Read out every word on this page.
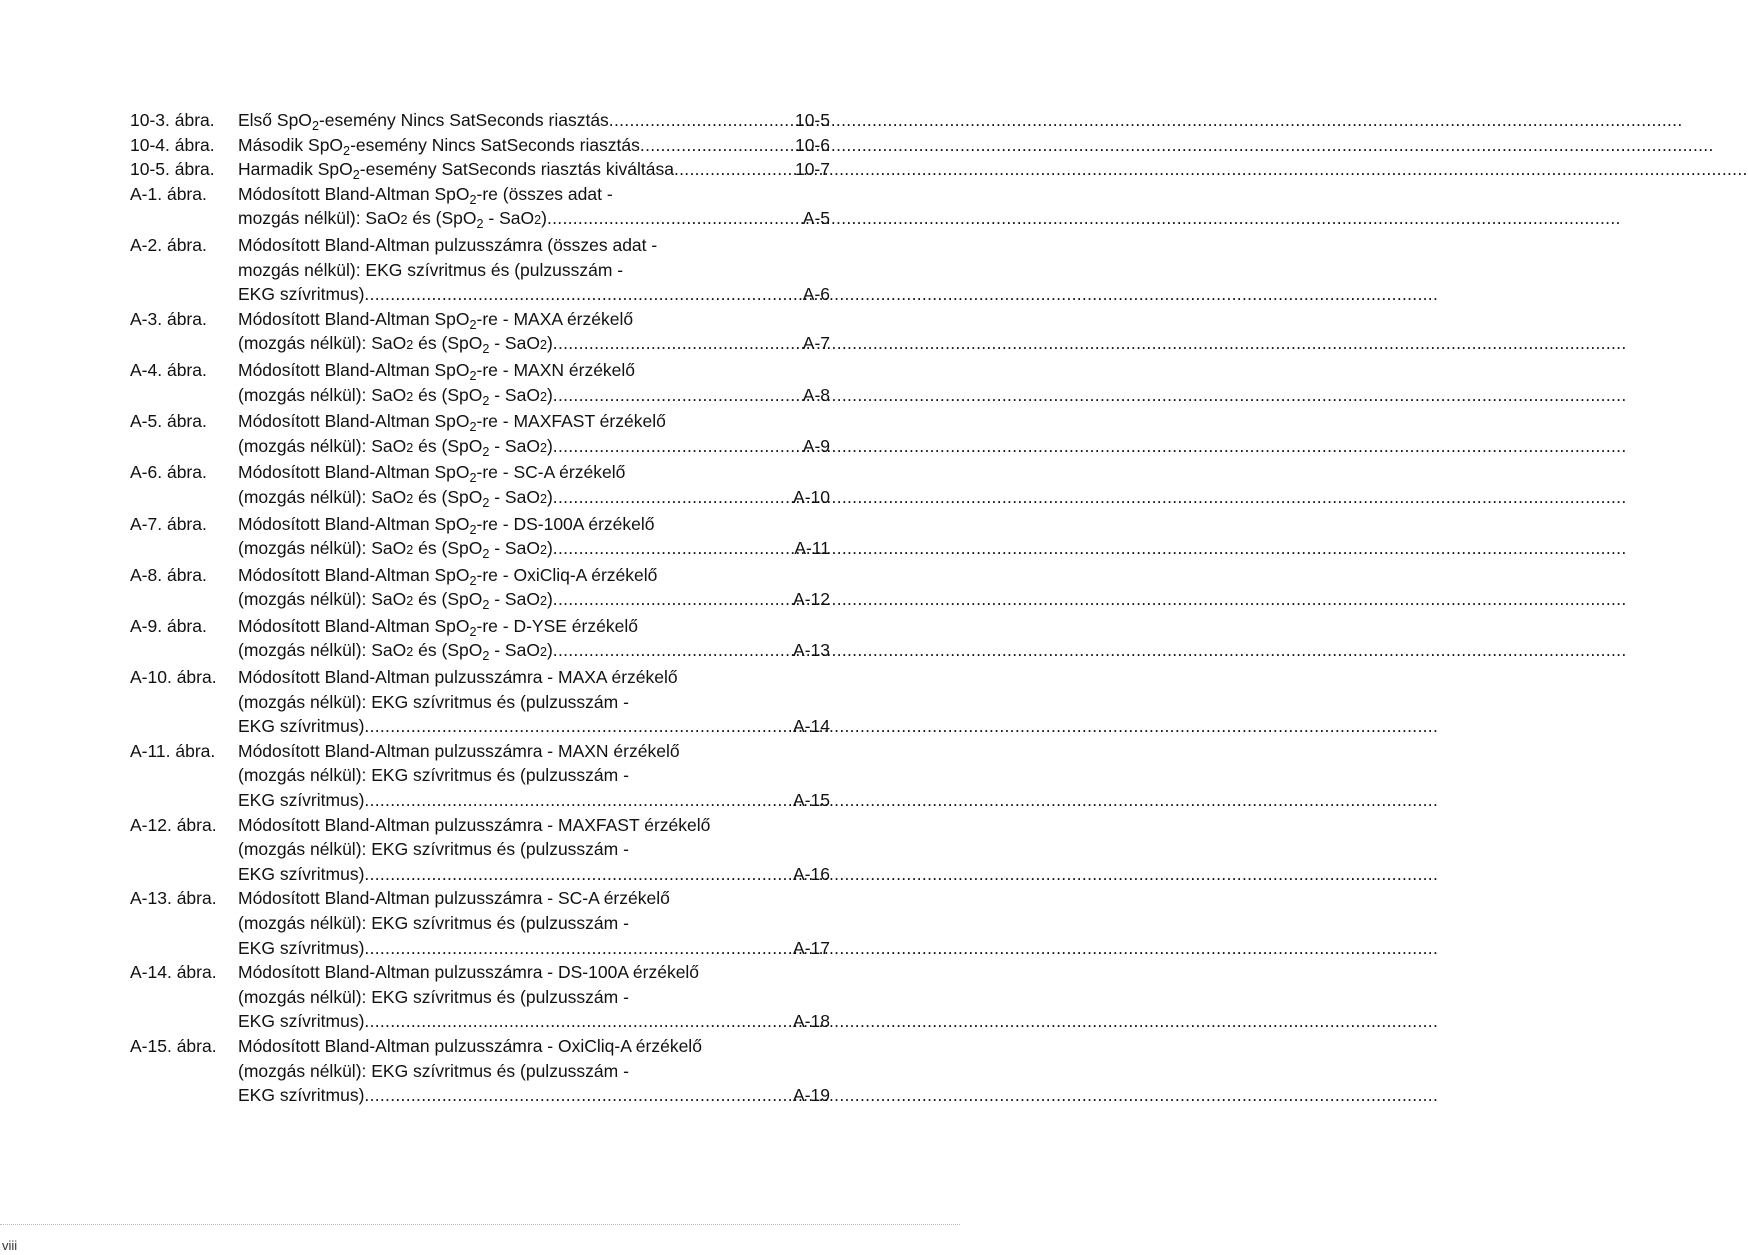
10-3. ábra.	Első SpO$_2$-esemény Nincs SatSeconds riasztás .....	10-5
10-4. ábra.	Második SpO$_2$-esemény Nincs SatSeconds riasztás .....	10-6
10-5. ábra.	Harmadik SpO$_2$-esemény SatSeconds riasztás kiváltása .....	10-7
A-1. ábra.	Módosított Bland-Altman SpO$_2$-re (összes adat -
mozgás nélkül): SaO2 és (SpO$_2$ - SaO2) .....	A-5
A-2. ábra.	Módosított Bland-Altman pulzusszámra (összes adat -
mozgás nélkül): EKG szívritmus és (pulzusszám -
EKG szívritmus) .....	A-6
A-3. ábra.	Módosított Bland-Altman SpO$_2$-re - MAXA érzékelő
(mozgás nélkül): SaO2 és (SpO$_2$ - SaO2) .....	A-7
A-4. ábra.	Módosított Bland-Altman SpO$_2$-re - MAXN érzékelő
(mozgás nélkül): SaO2 és (SpO$_2$ - SaO2) .....	A-8
A-5. ábra.	Módosított Bland-Altman SpO$_2$-re - MAXFAST érzékelő
(mozgás nélkül): SaO2 és (SpO$_2$ - SaO2) .....	A-9
A-6. ábra.	Módosított Bland-Altman SpO$_2$-re - SC-A érzékelő
(mozgás nélkül): SaO2 és (SpO$_2$ - SaO2) .....	A-10
A-7. ábra.	Módosított Bland-Altman SpO$_2$-re - DS-100A érzékelő
(mozgás nélkül): SaO2 és (SpO$_2$ - SaO2) .....	A-11
A-8. ábra.	Módosított Bland-Altman SpO$_2$-re - OxiCliq-A érzékelő
(mozgás nélkül): SaO2 és (SpO$_2$ - SaO2) .....	A-12
A-9. ábra.	Módosított Bland-Altman SpO$_2$-re - D-YSE érzékelő
(mozgás nélkül): SaO2 és (SpO$_2$ - SaO2) .....	A-13
A-10. ábra.	Módosított Bland-Altman pulzusszámra - MAXA érzékelő
(mozgás nélkül): EKG szívritmus és (pulzusszám -
EKG szívritmus) .....	A-14
A-11. ábra.	Módosított Bland-Altman pulzusszámra - MAXN érzékelő
(mozgás nélkül): EKG szívritmus és (pulzusszám -
EKG szívritmus) .....	A-15
A-12. ábra.	Módosított Bland-Altman pulzusszámra - MAXFAST érzékelő
(mozgás nélkül): EKG szívritmus és (pulzusszám -
EKG szívritmus) .....	A-16
A-13. ábra.	Módosított Bland-Altman pulzusszámra - SC-A érzékelő
(mozgás nélkül): EKG szívritmus és (pulzusszám -
EKG szívritmus) .....	A-17
A-14. ábra.	Módosított Bland-Altman pulzusszámra - DS-100A érzékelő
(mozgás nélkül): EKG szívritmus és (pulzusszám -
EKG szívritmus) .....	A-18
A-15. ábra.	Módosított Bland-Altman pulzusszámra - OxiCliq-A érzékelő
(mozgás nélkül): EKG szívritmus és (pulzusszám -
EKG szívritmus) .....	A-19
viii
